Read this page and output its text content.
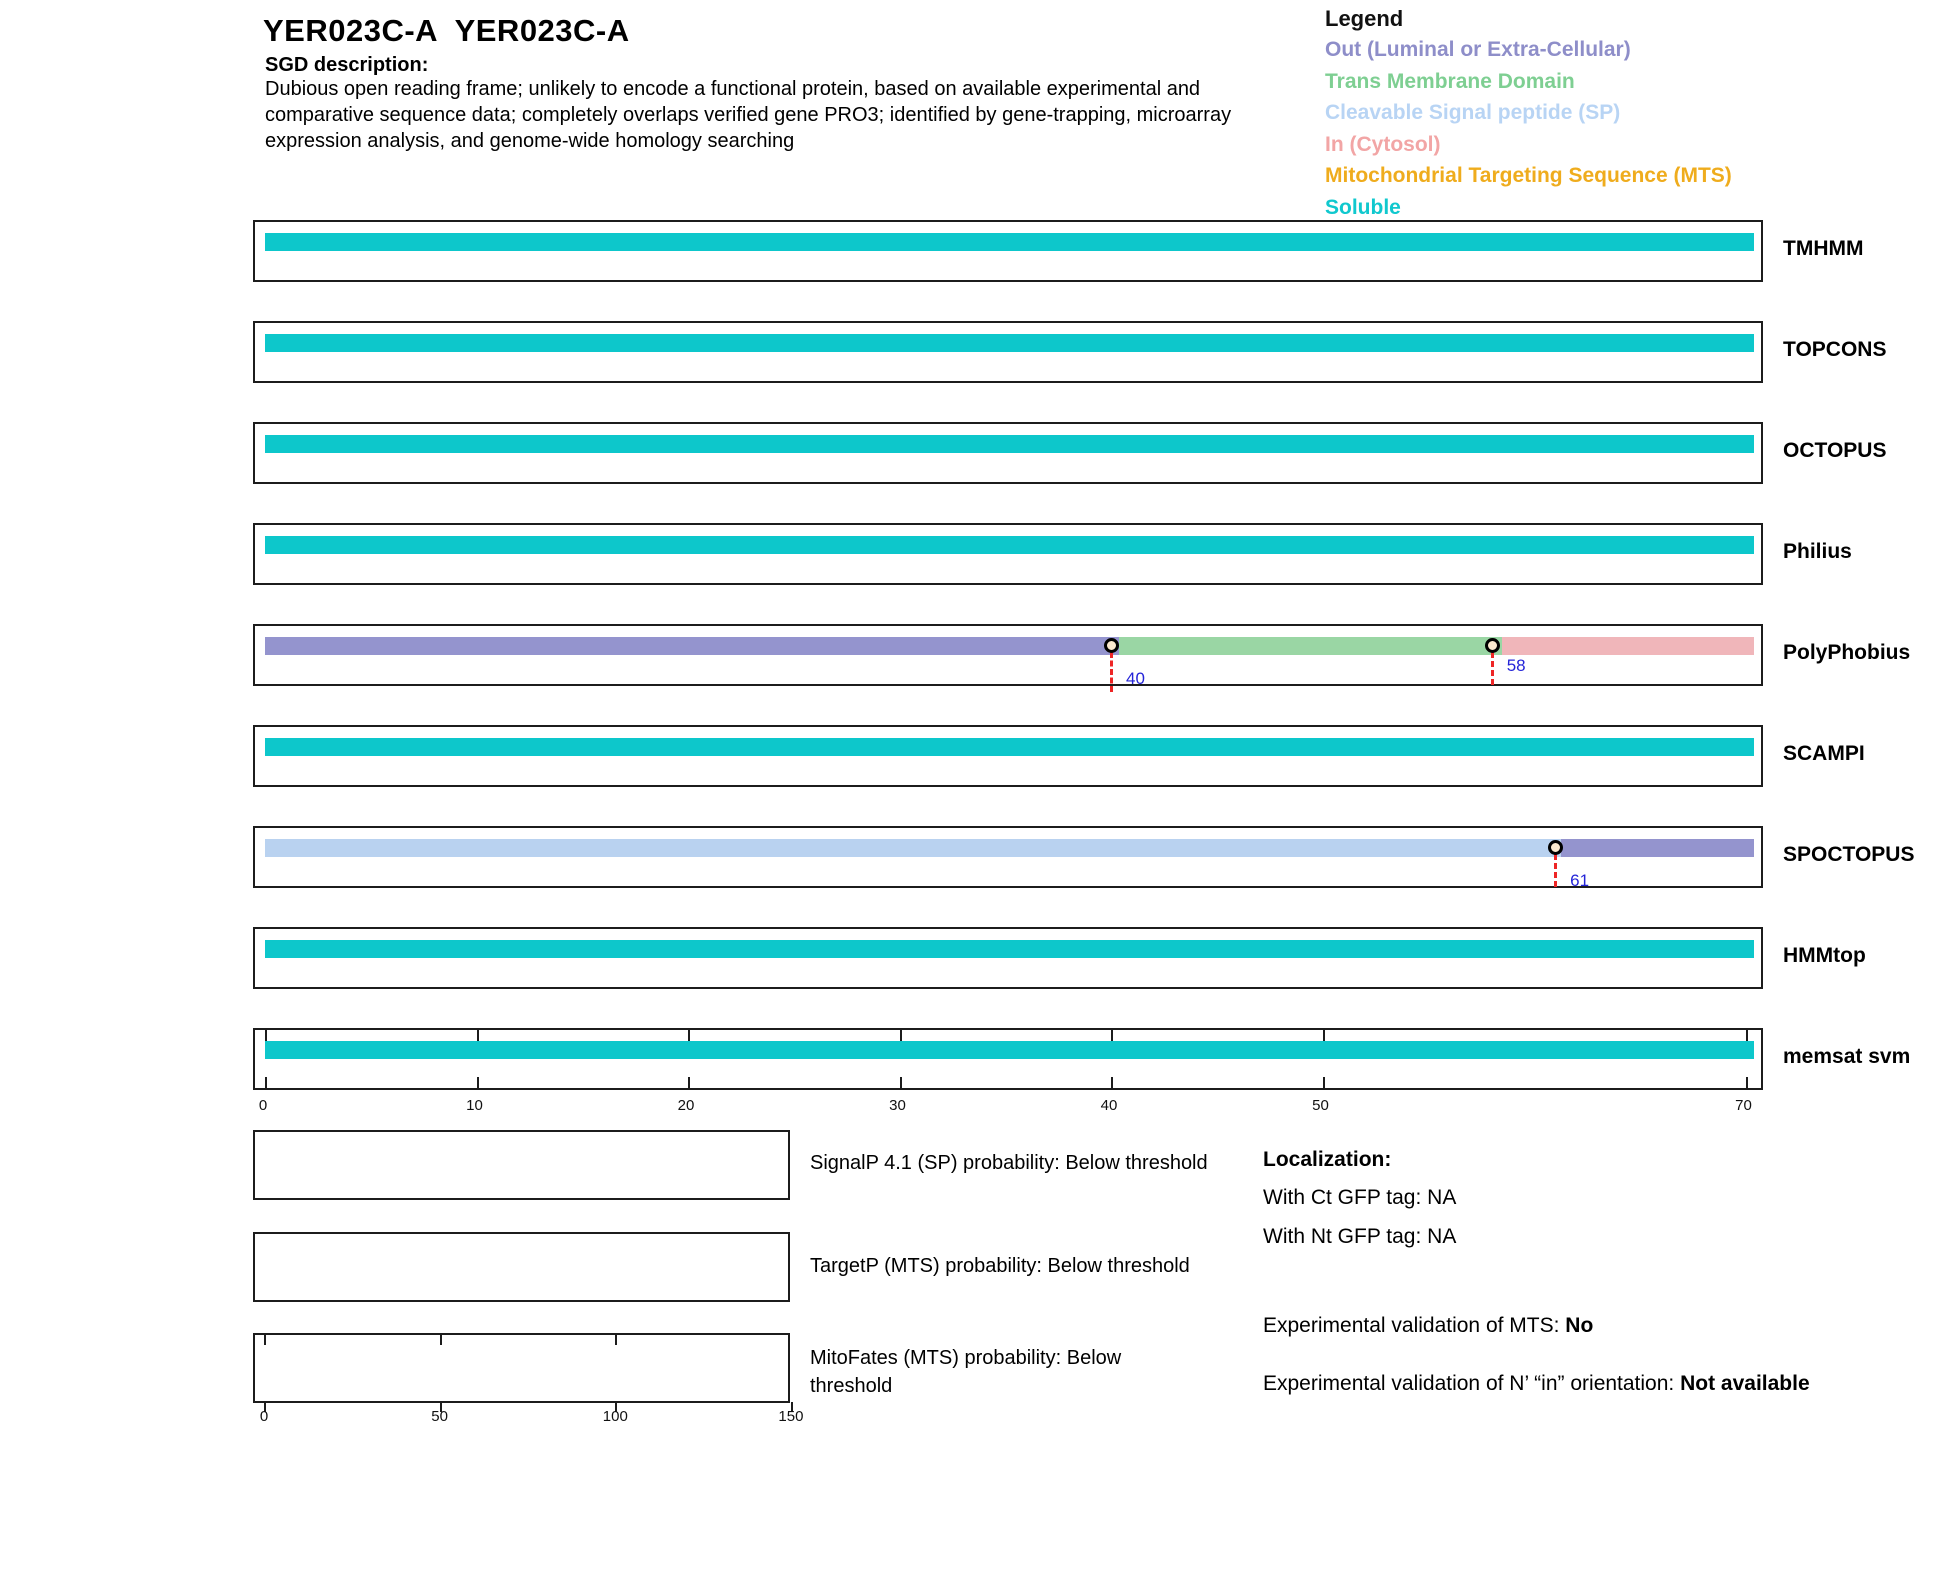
YER023C-A  YER023C-A
SGD description:
Dubious open reading frame; unlikely to encode a functional protein, based on available experimental and
comparative sequence data; completely overlaps verified gene PRO3; identified by gene-trapping, microarray
expression analysis, and genome-wide homology searching
Legend
Out (Luminal or Extra-Cellular)
Trans Membrane Domain
Cleavable Signal peptide (SP)
In (Cytosol)
Mitochondrial Targeting Sequence (MTS)
Soluble
TMHMM
TOPCONS
OCTOPUS
Philius
40
58
PolyPhobius
SCAMPI
61
SPOCTOPUS
HMMtop
memsat svm
0	10	20	30	40	50	70
SignalP 4.1 (SP) probability: Below threshold
TargetP (MTS) probability: Below threshold
0	50	100	150
MitoFates (MTS) probability: Below threshold
Localization:
With Ct GFP tag: NA
With Nt GFP tag: NA
Experimental validation of MTS: No
Experimental validation of N’ “in” orientation: Not available
